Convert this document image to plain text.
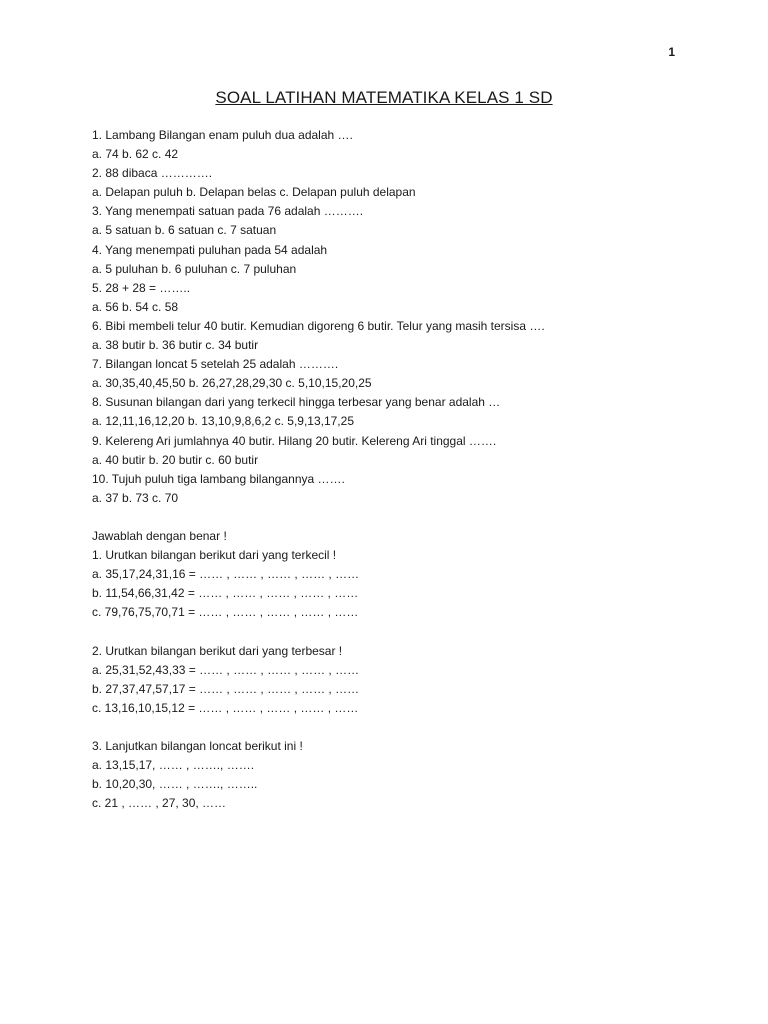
1
SOAL LATIHAN MATEMATIKA KELAS 1 SD
1. Lambang Bilangan enam puluh dua adalah ….
a. 74 b. 62 c. 42
2. 88 dibaca ………….
a. Delapan puluh b. Delapan belas c. Delapan puluh delapan
3. Yang menempati satuan pada 76 adalah ……….
a. 5 satuan b. 6 satuan c. 7 satuan
4. Yang menempati puluhan pada 54 adalah
a. 5 puluhan b. 6 puluhan c. 7 puluhan
5. 28 + 28 = ……..
a. 56 b. 54 c. 58
6. Bibi membeli telur 40 butir. Kemudian digoreng 6 butir. Telur yang masih tersisa ….
a. 38 butir b. 36 butir c. 34 butir
7. Bilangan loncat 5 setelah 25 adalah ……….
a. 30,35,40,45,50 b. 26,27,28,29,30 c. 5,10,15,20,25
8. Susunan bilangan dari yang terkecil hingga terbesar yang benar adalah …
a. 12,11,16,12,20 b. 13,10,9,8,6,2 c. 5,9,13,17,25
9. Kelereng Ari jumlahnya 40 butir. Hilang 20 butir. Kelereng Ari tinggal …….
a. 40 butir b. 20 butir c. 60 butir
10. Tujuh puluh tiga lambang bilangannya …….
a. 37 b. 73 c. 70
Jawablah dengan benar !
1. Urutkan bilangan berikut dari yang terkecil !
a. 35,17,24,31,16 = …… , …… , …… , …… , ……
b. 11,54,66,31,42 = …… , …… , …… , …… , ……
c. 79,76,75,70,71 = …… , …… , …… , …… , ……
2. Urutkan bilangan berikut dari yang terbesar !
a. 25,31,52,43,33 = …… , …… , …… , …… , ……
b. 27,37,47,57,17 = …… , …… , …… , …… , ……
c. 13,16,10,15,12 = …… , …… , …… , …… , ……
3. Lanjutkan bilangan loncat berikut ini !
a. 13,15,17, …… , ……., …….
b. 10,20,30, …… , ……., ……..
c. 21 , …… , 27, 30, ……
